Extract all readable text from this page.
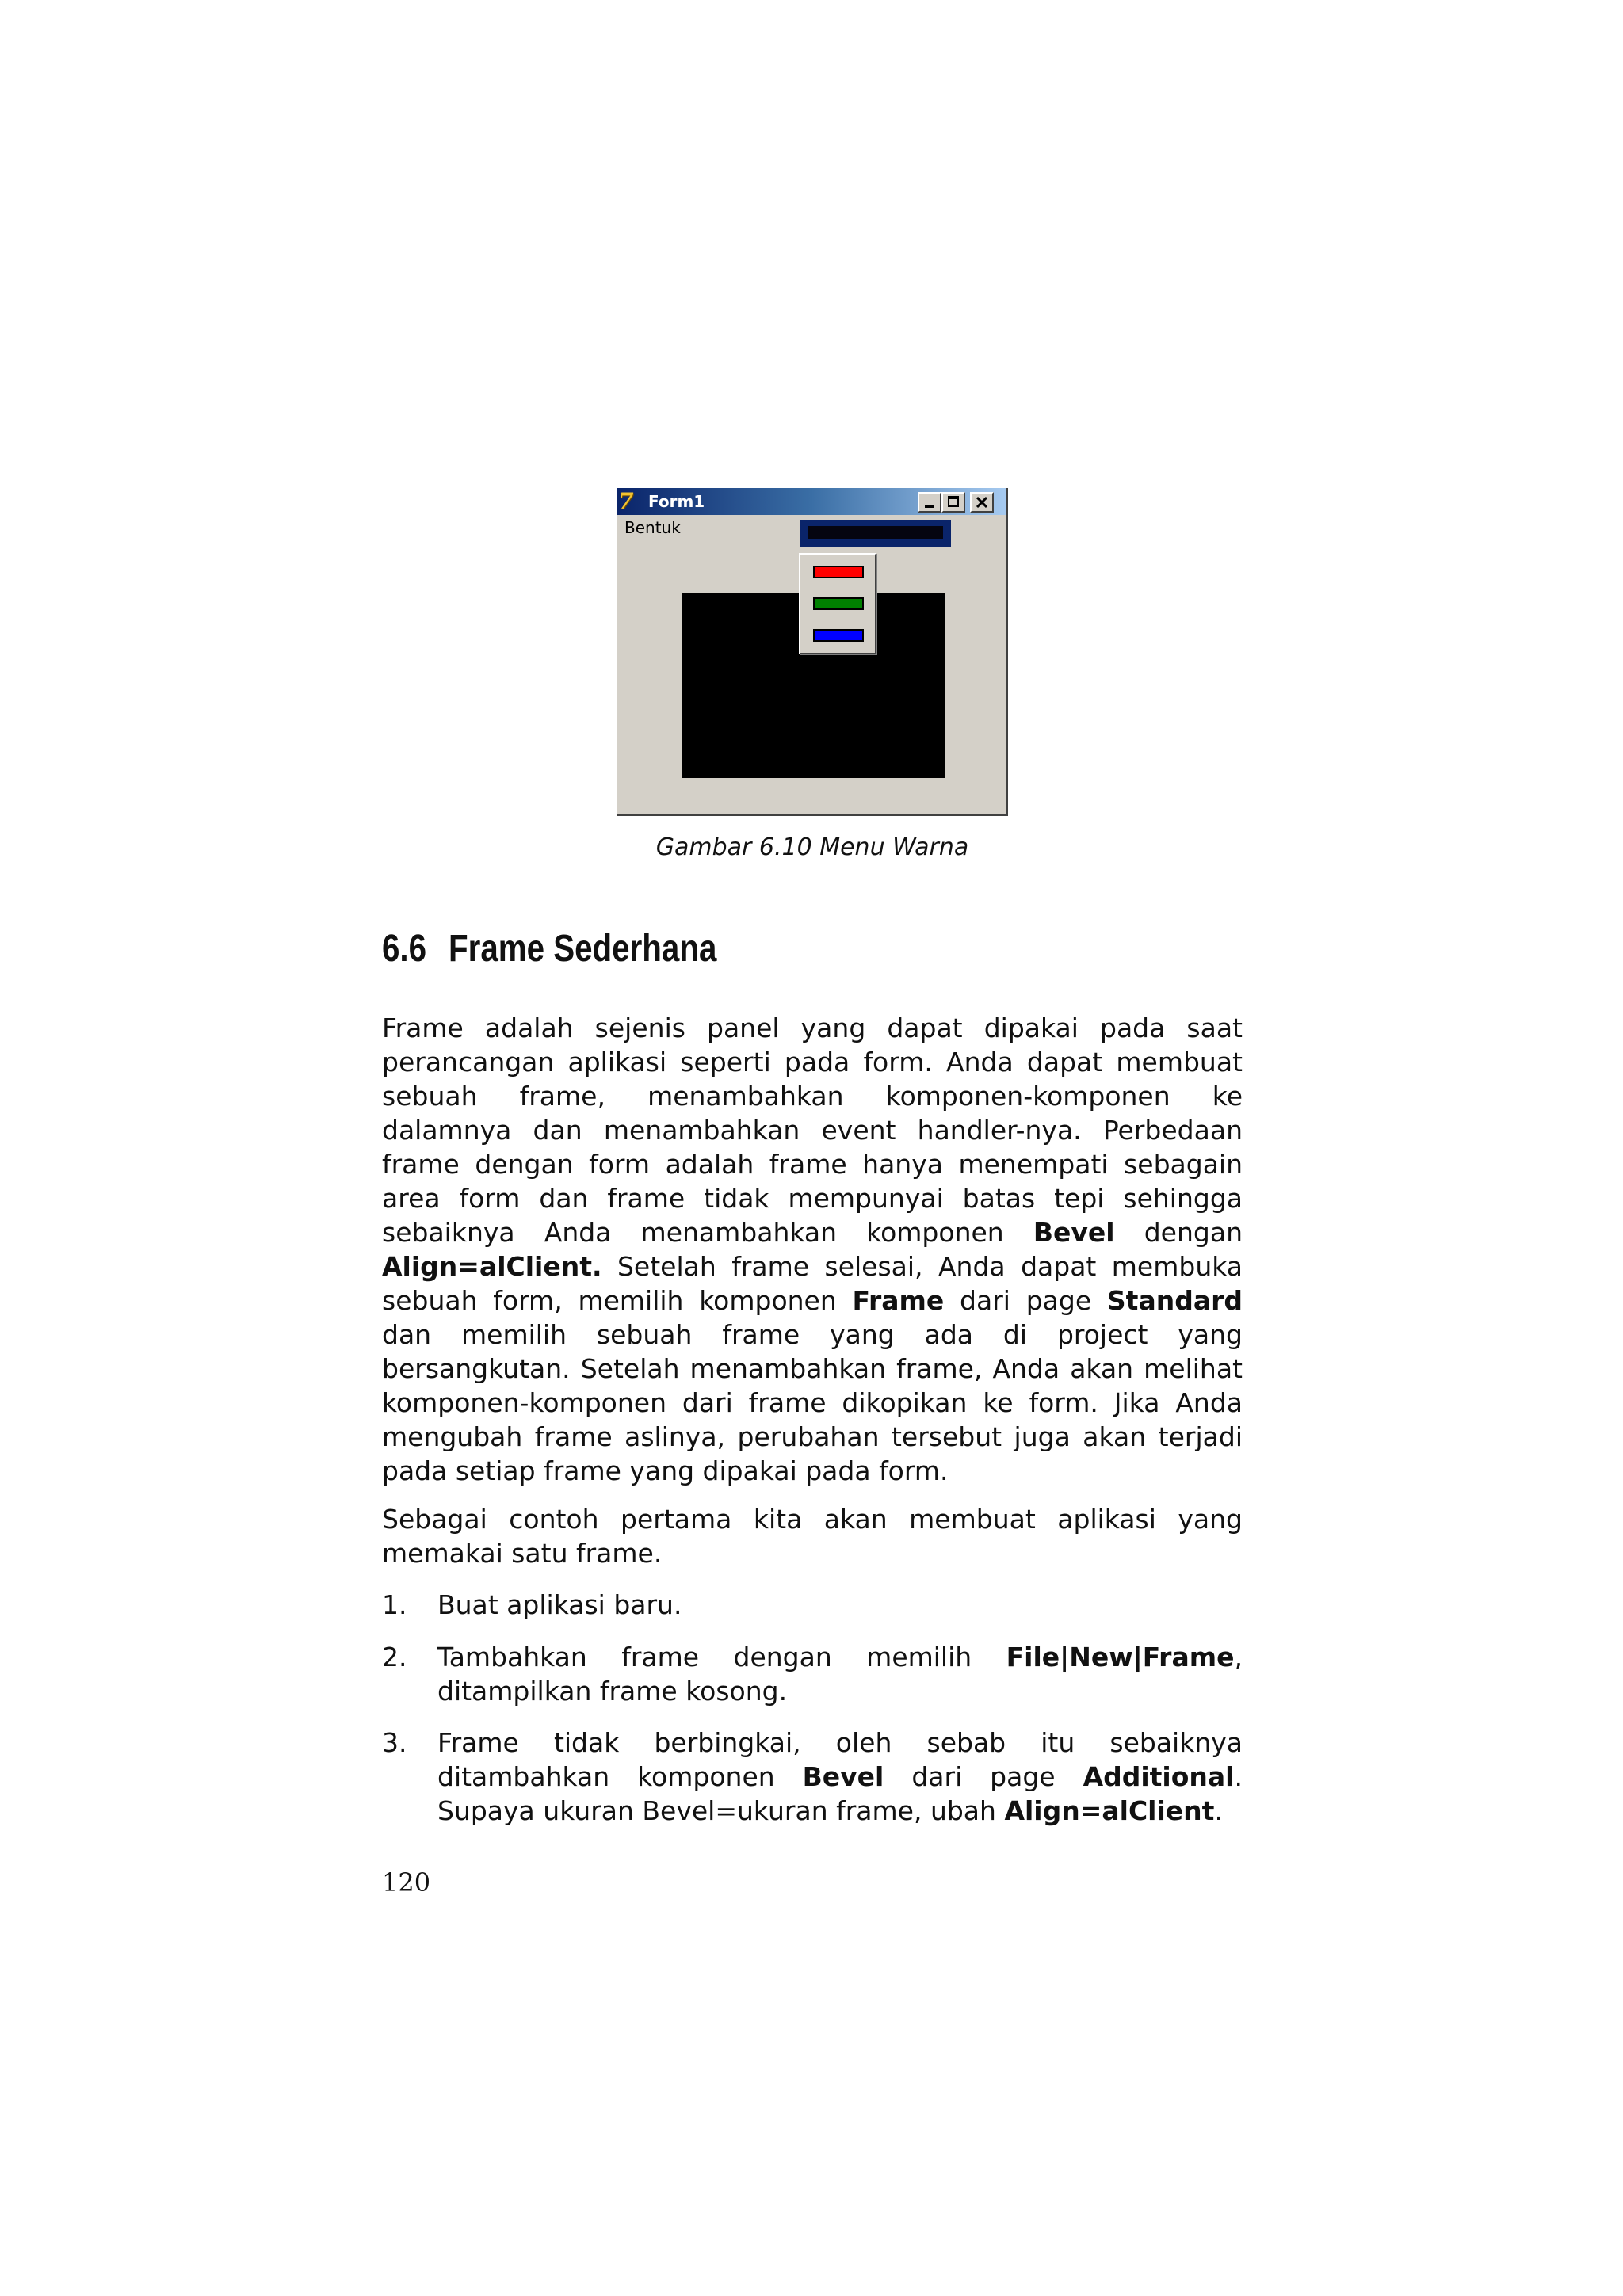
7 Form1
Bentuk
Gambar 6.10 Menu Warna
6.6 Frame Sederhana

Frame adalah sejenis panel yang dapat dipakai pada saat perancangan aplikasi seperti pada form. Anda dapat membuat sebuah frame, menambahkan komponen-komponen ke dalamnya dan menambahkan event handler-nya. Perbedaan frame dengan form adalah frame hanya menempati sebagain area form dan frame tidak mempunyai batas tepi sehingga sebaiknya Anda menambahkan komponen Bevel dengan Align=alClient. Setelah frame selesai, Anda dapat membuka sebuah form, memilih komponen Frame dari page Standard dan memilih sebuah frame yang ada di project yang bersangkutan. Setelah menambahkan frame, Anda akan melihat komponen-komponen dari frame dikopikan ke form. Jika Anda mengubah frame aslinya, perubahan tersebut juga akan terjadi pada setiap frame yang dipakai pada form.

Sebagai contoh pertama kita akan membuat aplikasi yang memakai satu frame.

1. Buat aplikasi baru.
2. Tambahkan frame dengan memilih File|New|Frame, ditampilkan frame kosong.
3. Frame tidak berbingkai, oleh sebab itu sebaiknya ditambahkan komponen Bevel dari page Additional. Supaya ukuran Bevel=ukuran frame, ubah Align=alClient.
120
